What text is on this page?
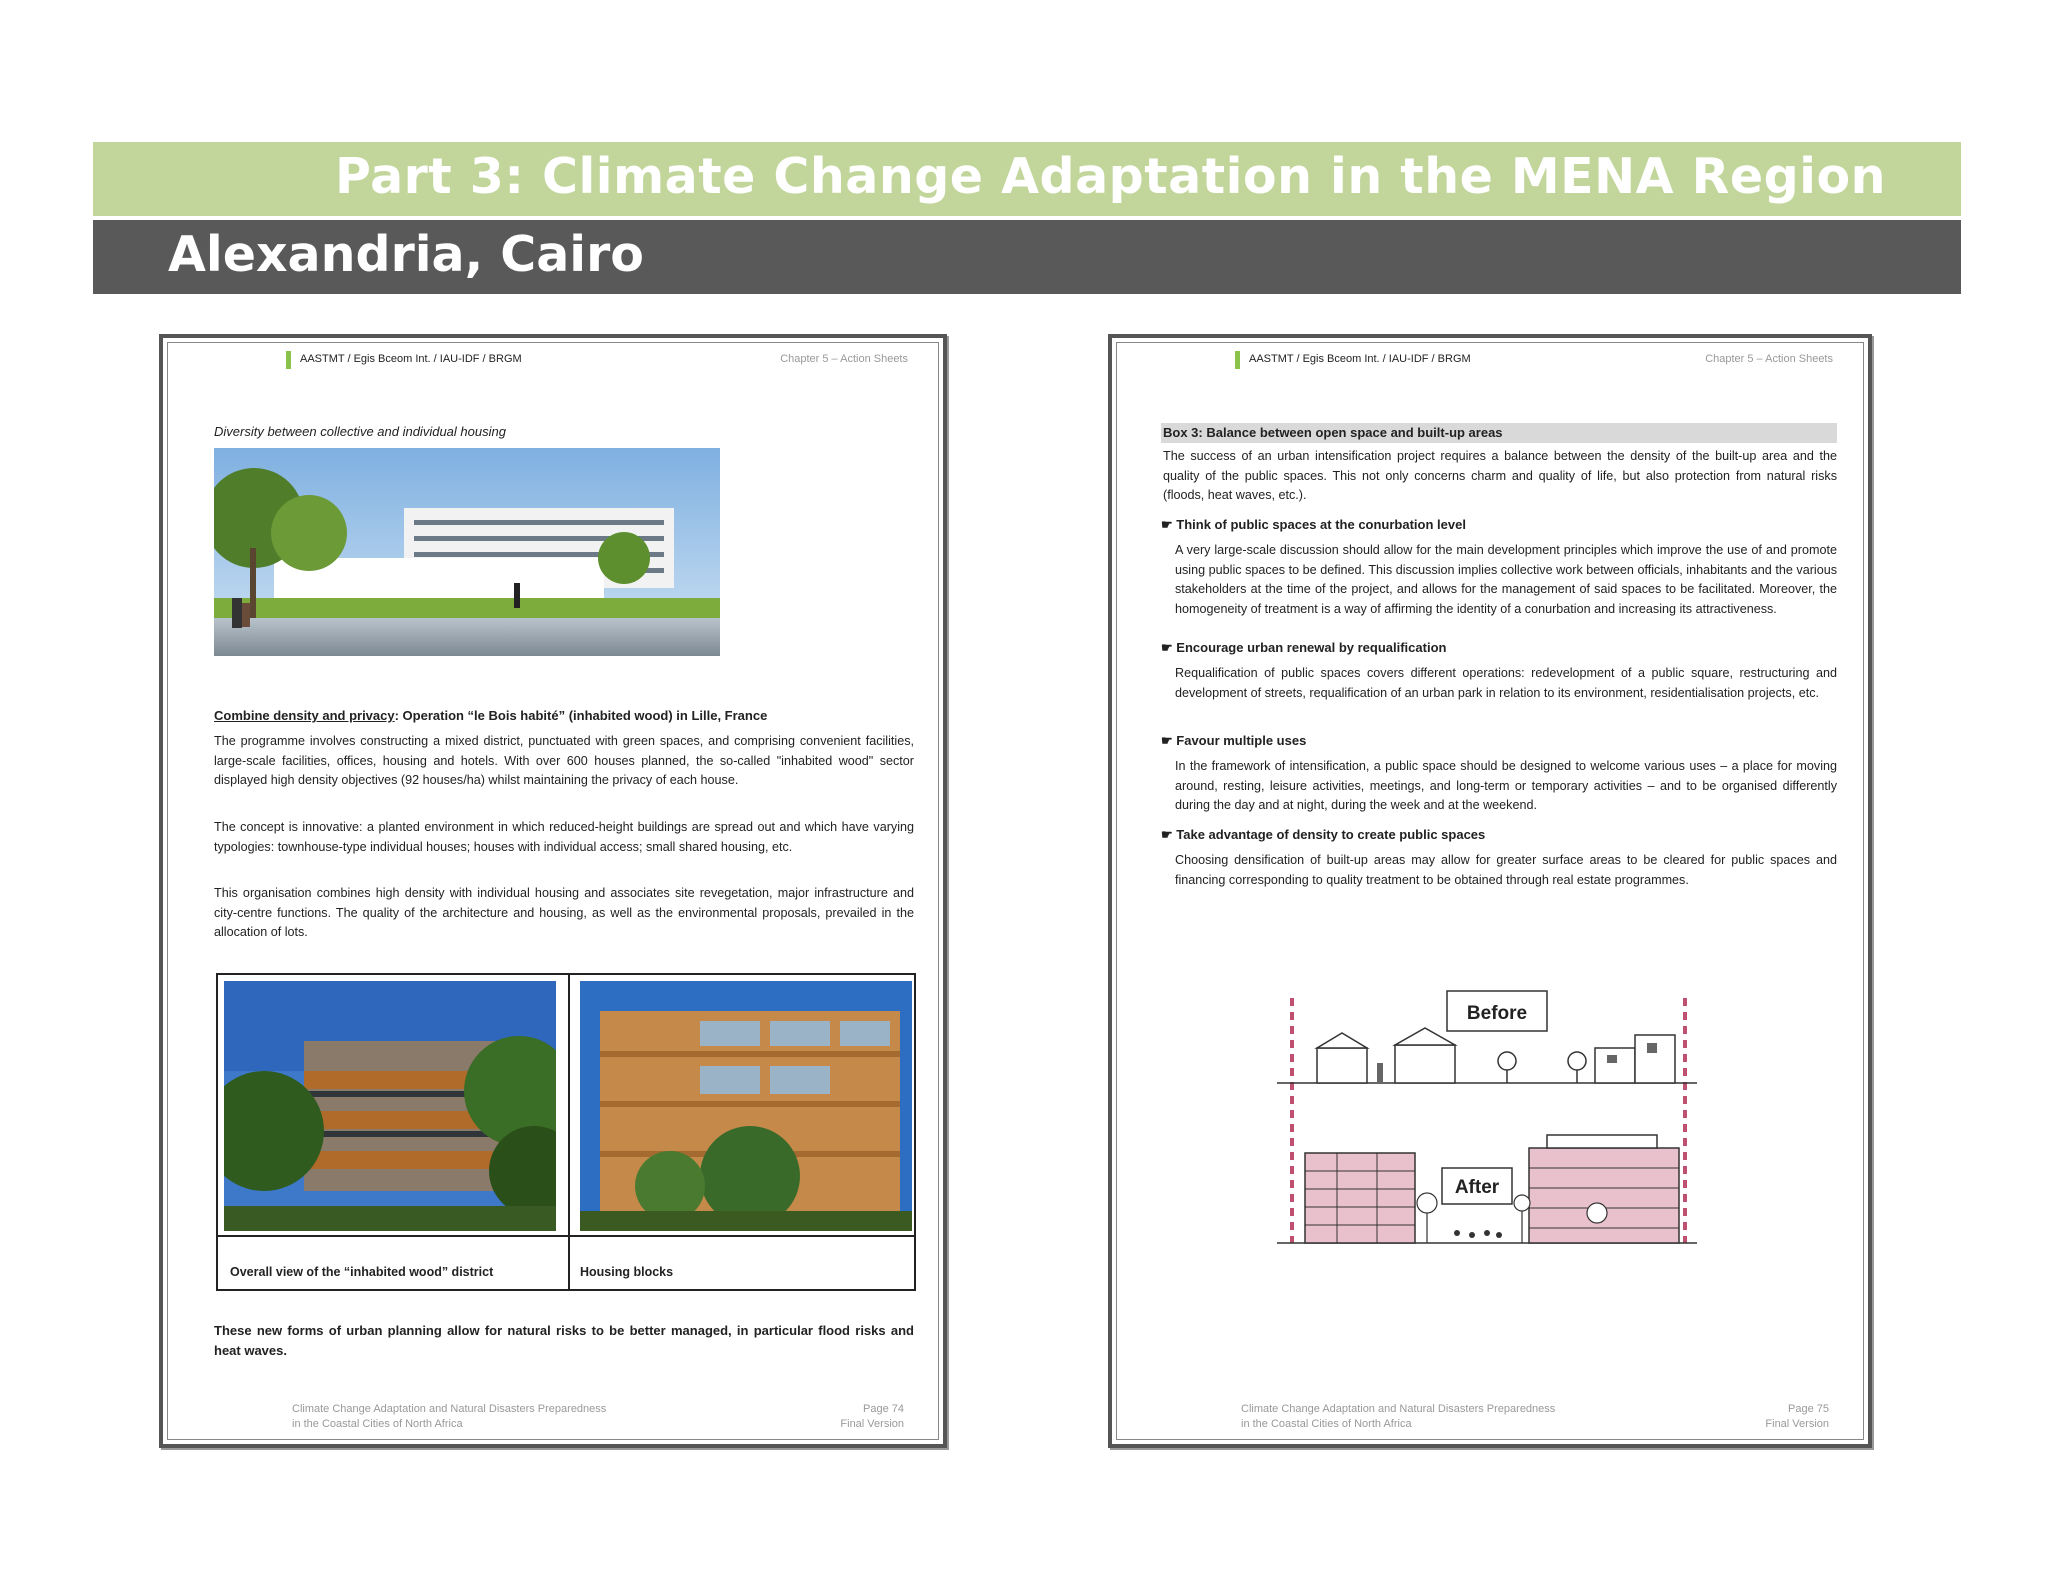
Part 3: Climate Change Adaptation in the MENA Region
Alexandria, Cairo
AASTMT / Egis Bceom Int. / IAU-IDF / BRGM	Chapter 5 – Action Sheets
Diversity between collective and individual housing
Combine density and privacy: Operation “le Bois habité” (inhabited wood) in Lille, France
The programme involves constructing a mixed district, punctuated with green spaces, and comprising convenient facilities, large-scale facilities, offices, housing and hotels. With over 600 houses planned, the so-called "inhabited wood" sector displayed high density objectives (92 houses/ha) whilst maintaining the privacy of each house.
The concept is innovative: a planted environment in which reduced-height buildings are spread out and which have varying typologies: townhouse-type individual houses; houses with individual access; small shared housing, etc.
This organisation combines high density with individual housing and associates site revegetation, major infrastructure and city-centre functions. The quality of the architecture and housing, as well as the environmental proposals, prevailed in the allocation of lots.
Overall view of the “inhabited wood” district	Housing blocks
These new forms of urban planning allow for natural risks to be better managed, in particular flood risks and heat waves.
Climate Change Adaptation and Natural Disasters Preparedness
in the Coastal Cities of North Africa
Page 74
Final Version
AASTMT / Egis Bceom Int. / IAU-IDF / BRGM	Chapter 5 – Action Sheets
Box 3: Balance between open space and built-up areas
The success of an urban intensification project requires a balance between the density of the built-up area and the quality of the public spaces. This not only concerns charm and quality of life, but also protection from natural risks (floods, heat waves, etc.).
☛ Think of public spaces at the conurbation level
A very large-scale discussion should allow for the main development principles which improve the use of and promote using public spaces to be defined. This discussion implies collective work between officials, inhabitants and the various stakeholders at the time of the project, and allows for the management of said spaces to be facilitated. Moreover, the homogeneity of treatment is a way of affirming the identity of a conurbation and increasing its attractiveness.
☛ Encourage urban renewal by requalification
Requalification of public spaces covers different operations: redevelopment of a public square, restructuring and development of streets, requalification of an urban park in relation to its environment, residentialisation projects, etc.
☛ Favour multiple uses
In the framework of intensification, a public space should be designed to welcome various uses – a place for moving around, resting, leisure activities, meetings, and long-term or temporary activities – and to be organised differently during the day and at night, during the week and at the weekend.
☛ Take advantage of density to create public spaces
Choosing densification of built-up areas may allow for greater surface areas to be cleared for public spaces and financing corresponding to quality treatment to be obtained through real estate programmes.
Before
After
Climate Change Adaptation and Natural Disasters Preparedness
in the Coastal Cities of North Africa
Page 75
Final Version
